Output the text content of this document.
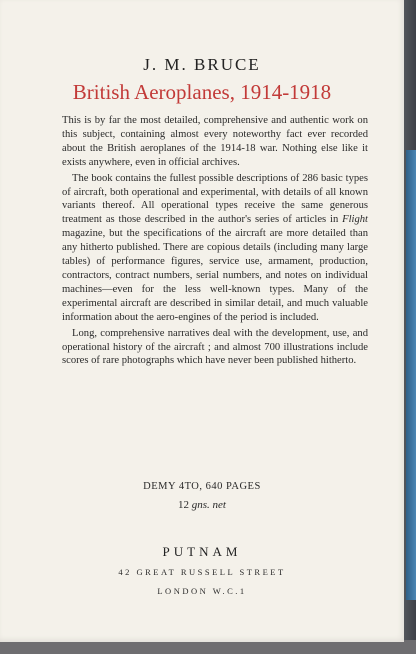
J. M. BRUCE
British Aeroplanes, 1914-1918

This is by far the most detailed, comprehensive and authentic work on this subject, containing almost every noteworthy fact ever recorded about the British aeroplanes of the 1914-18 war. Nothing else like it exists anywhere, even in official archives.

The book contains the fullest possible descriptions of 286 basic types of aircraft, both operational and experimental, with details of all known variants thereof. All operational types receive the same generous treatment as those described in the author's series of articles in Flight magazine, but the specifications of the aircraft are more detailed than any hitherto published. There are copious details (including many large tables) of performance figures, service use, armament, production, contractors, contract numbers, serial numbers, and notes on individual machines—even for the less well-known types. Many of the experimental aircraft are described in similar detail, and much valuable information about the aero-engines of the period is included.

Long, comprehensive narratives deal with the development, use, and operational history of the aircraft ; and almost 700 illustrations include scores of rare photographs which have never been published hitherto.

DEMY 4TO, 640 PAGES
12 gns. net
PUTNAM
42 GREAT RUSSELL STREET
LONDON W.C.1
